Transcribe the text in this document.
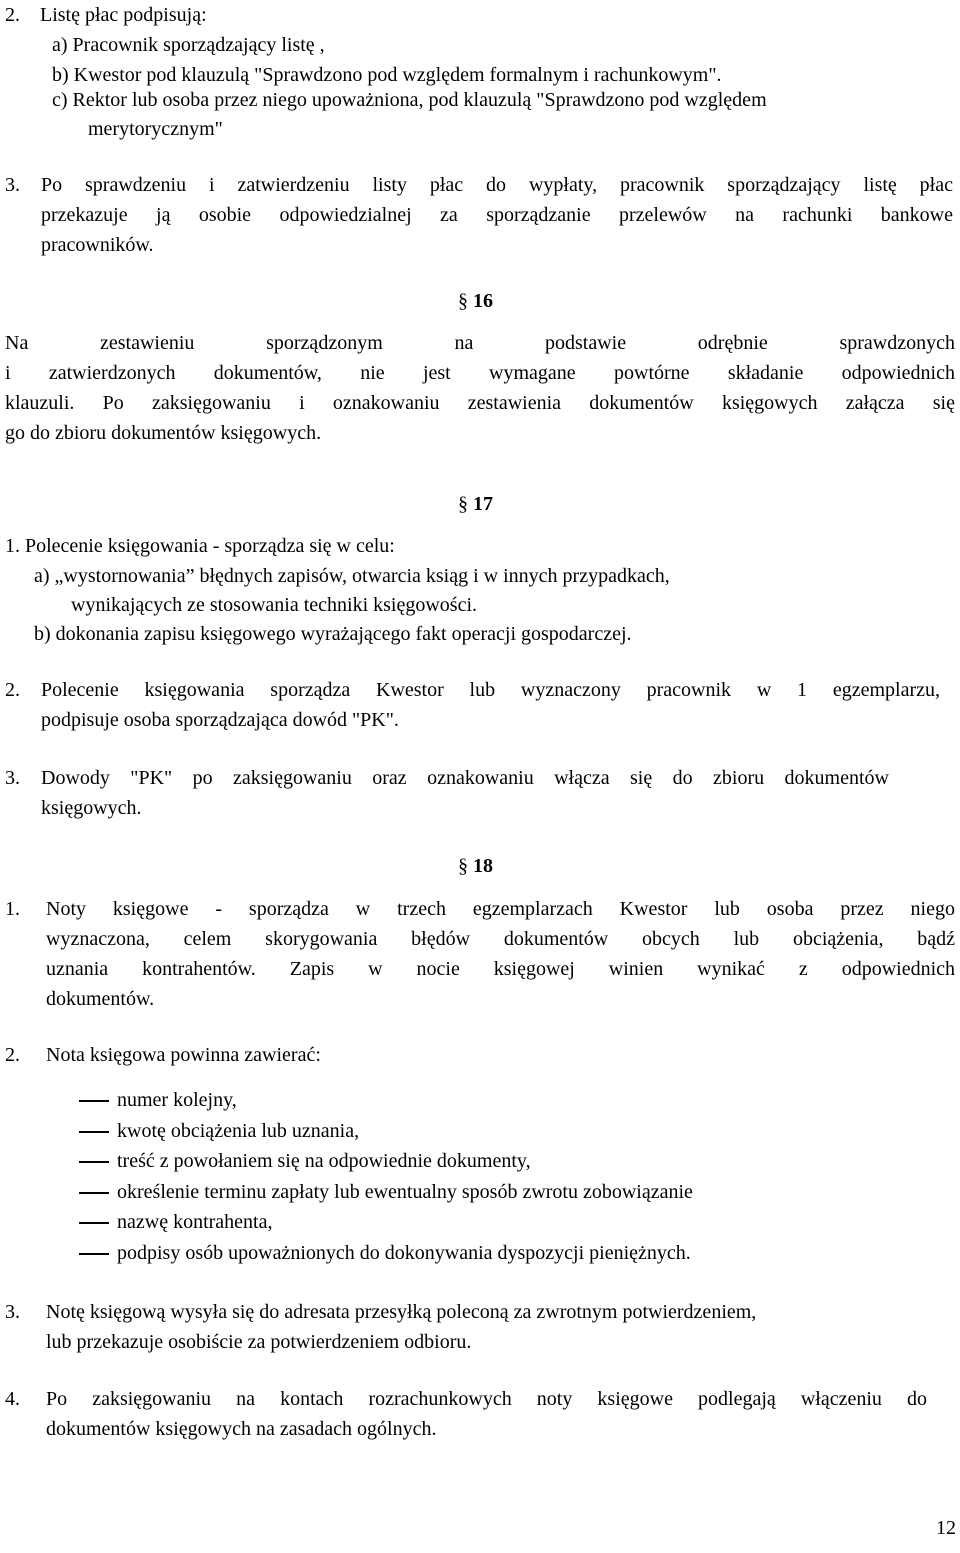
2. Listę płac podpisują:
a) Pracownik sporządzający listę ,
b) Kwestor pod klauzulą "Sprawdzono pod względem formalnym i rachunkowym".
c) Rektor lub osoba przez niego upoważniona, pod klauzulą "Sprawdzono pod względem
merytorycznym"
3. Po sprawdzeniu i zatwierdzeniu listy płac do wypłaty, pracownik sporządzający listę płac
przekazuje ją osobie odpowiedzialnej za sporządzanie przelewów na rachunki bankowe
pracowników.
§ 16
Na zestawieniu sporządzonym na podstawie odrębnie sprawdzonych
i zatwierdzonych dokumentów, nie jest wymagane powtórne składanie odpowiednich
klauzuli. Po zaksięgowaniu i oznakowaniu zestawienia dokumentów księgowych załącza się
go do zbioru dokumentów księgowych.
§ 17
1. Polecenie księgowania - sporządza się w celu:
a) „wystornowania” błędnych zapisów, otwarcia ksiąg i w innych przypadkach,
wynikających ze stosowania techniki księgowości.
b) dokonania zapisu księgowego wyrażającego fakt operacji gospodarczej.
2. Polecenie księgowania sporządza Kwestor lub wyznaczony pracownik w 1 egzemplarzu,
podpisuje osoba sporządzająca dowód "PK".
3. Dowody "PK" po zaksięgowaniu oraz oznakowaniu włącza się do zbioru dokumentów
księgowych.
§ 18
1. Noty księgowe - sporządza w trzech egzemplarzach Kwestor lub osoba przez niego
wyznaczona, celem skorygowania błędów dokumentów obcych lub obciążenia, bądź
uznania kontrahentów. Zapis w nocie księgowej winien wynikać z odpowiednich
dokumentów.
2. Nota księgowa powinna zawierać:
numer kolejny,
kwotę obciążenia lub uznania,
treść z powołaniem się na odpowiednie dokumenty,
określenie terminu zapłaty lub ewentualny sposób zwrotu zobowiązanie
nazwę kontrahenta,
podpisy osób upoważnionych do dokonywania dyspozycji pieniężnych.
3. Notę księgową wysyła się do adresata przesyłką poleconą za zwrotnym potwierdzeniem,
lub przekazuje osobiście za potwierdzeniem odbioru.
4. Po zaksięgowaniu na kontach rozrachunkowych noty księgowe podlegają włączeniu do
dokumentów księgowych na zasadach ogólnych.
12
